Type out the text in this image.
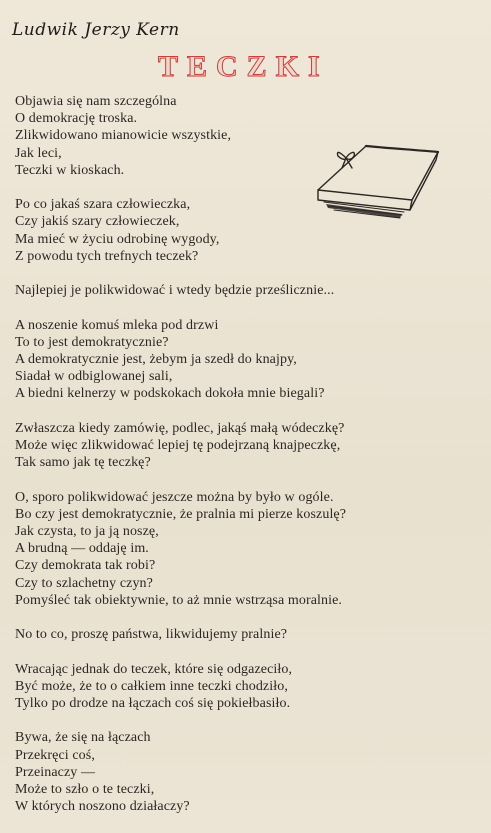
Ludwik Jerzy Kern
TECZKI
Objawia się nam szczególna
O demokrację troska.
Zlikwidowano mianowicie wszystkie,
Jak leci,
Teczki w kioskach.
Po co jakaś szara człowieczka,
Czy jakiś szary człowieczek,
Ma mieć w życiu odrobinę wygody,
Z powodu tych trefnych teczek?
Najlepiej je polikwidować i wtedy będzie prześlicznie...
A noszenie komuś mleka pod drzwi
To to jest demokratycznie?
A demokratycznie jest, żebym ja szedł do knajpy,
Siadał w odbiglowanej sali,
A biedni kelnerzy w podskokach dokoła mnie biegali?
Zwłaszcza kiedy zamówię, podlec, jakąś małą wódeczkę?
Może więc zlikwidować lepiej tę podejrzaną knajpeczkę,
Tak samo jak tę teczkę?
O, sporo polikwidować jeszcze można by było w ogóle.
Bo czy jest demokratycznie, że pralnia mi pierze koszulę?
Jak czysta, to ja ją noszę,
A brudną — oddaję im.
Czy demokrata tak robi?
Czy to szlachetny czyn?
Pomyśleć tak obiektywnie, to aż mnie wstrząsa moralnie.
No to co, proszę państwa, likwidujemy pralnie?
Wracając jednak do teczek, które się odgazeciło,
Być może, że to o całkiem inne teczki chodziło,
Tylko po drodze na łączach coś się pokiełbasiło.
Bywa, że się na łączach
Przekręci coś,
Przeinaczy —
Może to szło o te teczki,
W których noszono działaczy?
